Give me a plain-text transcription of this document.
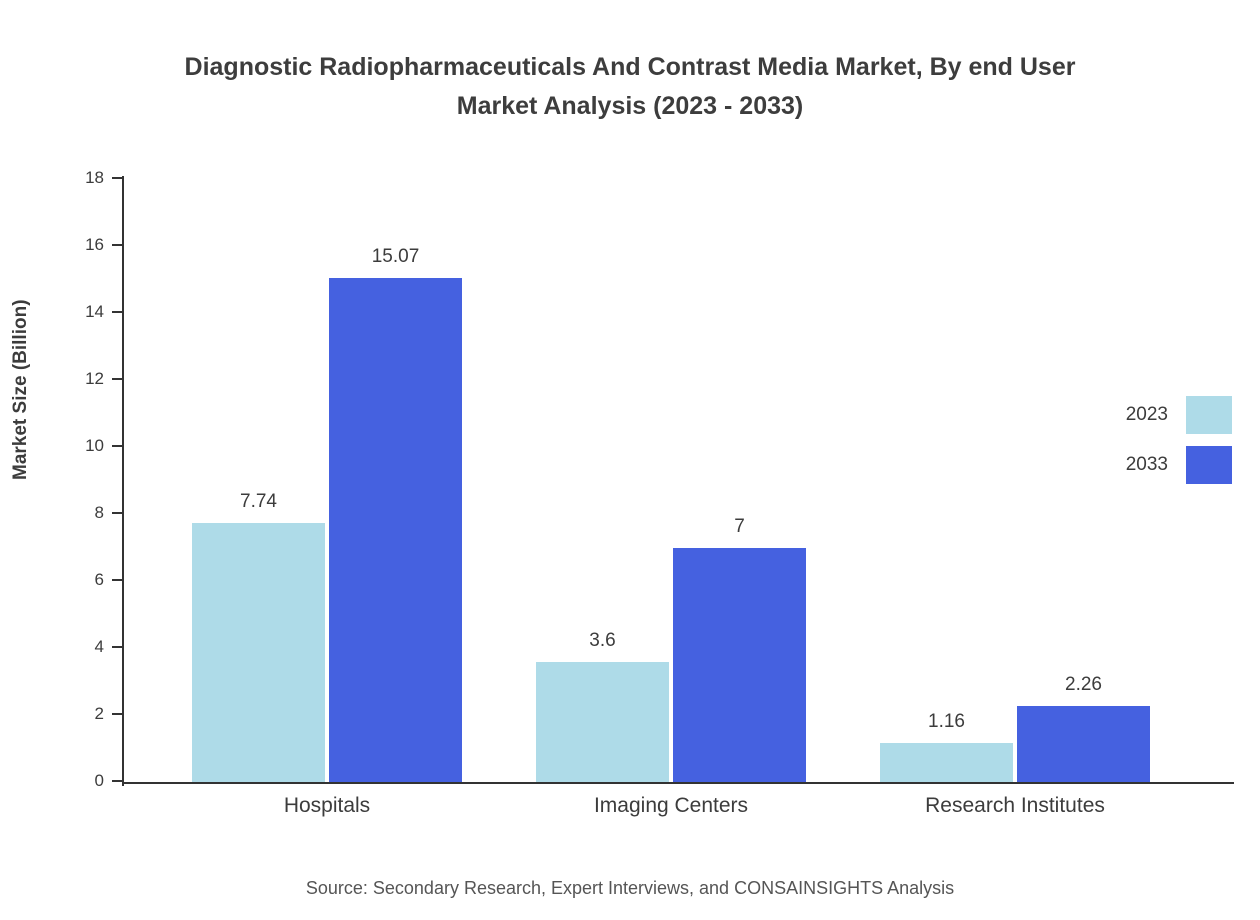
Diagnostic Radiopharmaceuticals And Contrast Media Market, By end User
Market Analysis (2023 - 2033)
Market Size (Billion)
0
2
4
6
8
10
12
14
16
18
7.74
15.07
3.6
7
1.16
2.26
2023
2033
Hospitals	Imaging Centers	Research Institutes
Source: Secondary Research, Expert Interviews, and CONSAINSIGHTS Analysis
